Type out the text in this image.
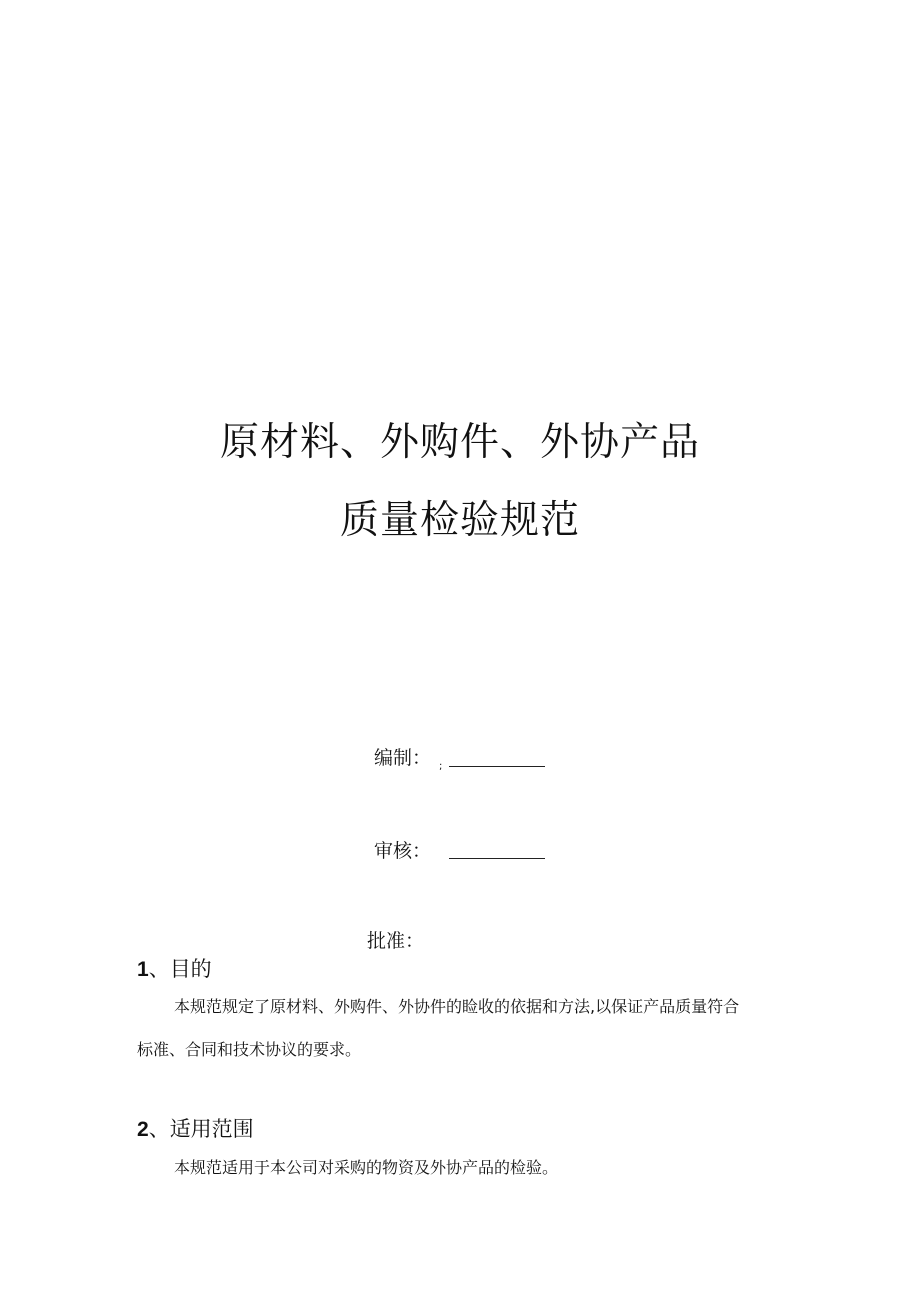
原材料、外购件、外协产品
质量检验规范
编制： ;
审核：
批准：
1、目的

本规范规定了原材料、外购件、外协件的睑收的依据和方法,以保证产品质量符合

标准、合同和技术协议的要求。

2、适用范围

本规范适用于本公司对采购的物资及外协产品的检验。
